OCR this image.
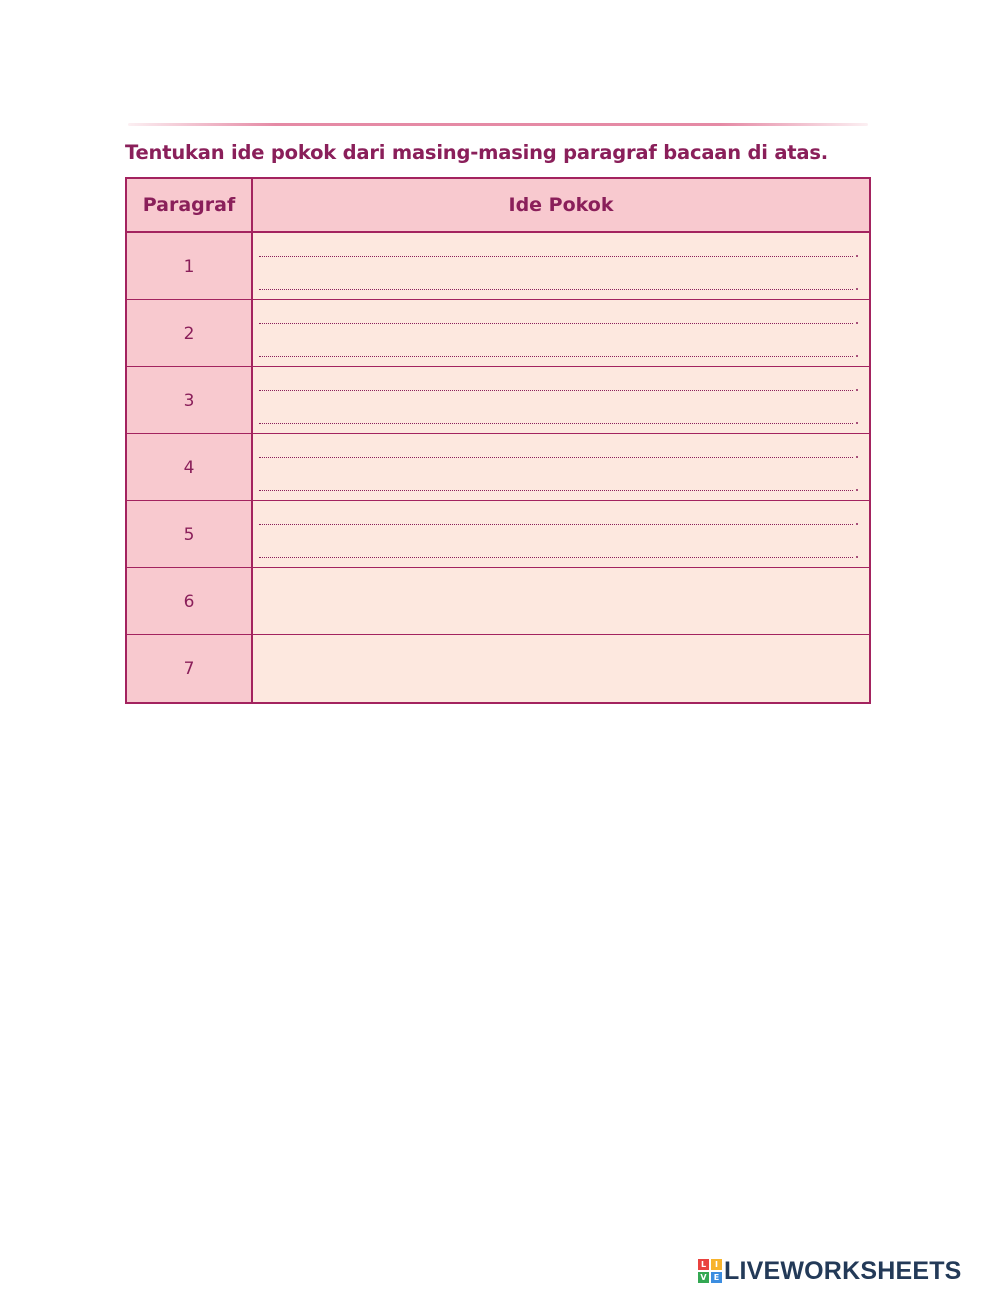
Tentukan ide pokok dari masing-masing paragraf bacaan di atas.
Paragraf	Ide Pokok
1
2
3
4
5
6
7
L	I
V E LIVEWORKSHEETS
